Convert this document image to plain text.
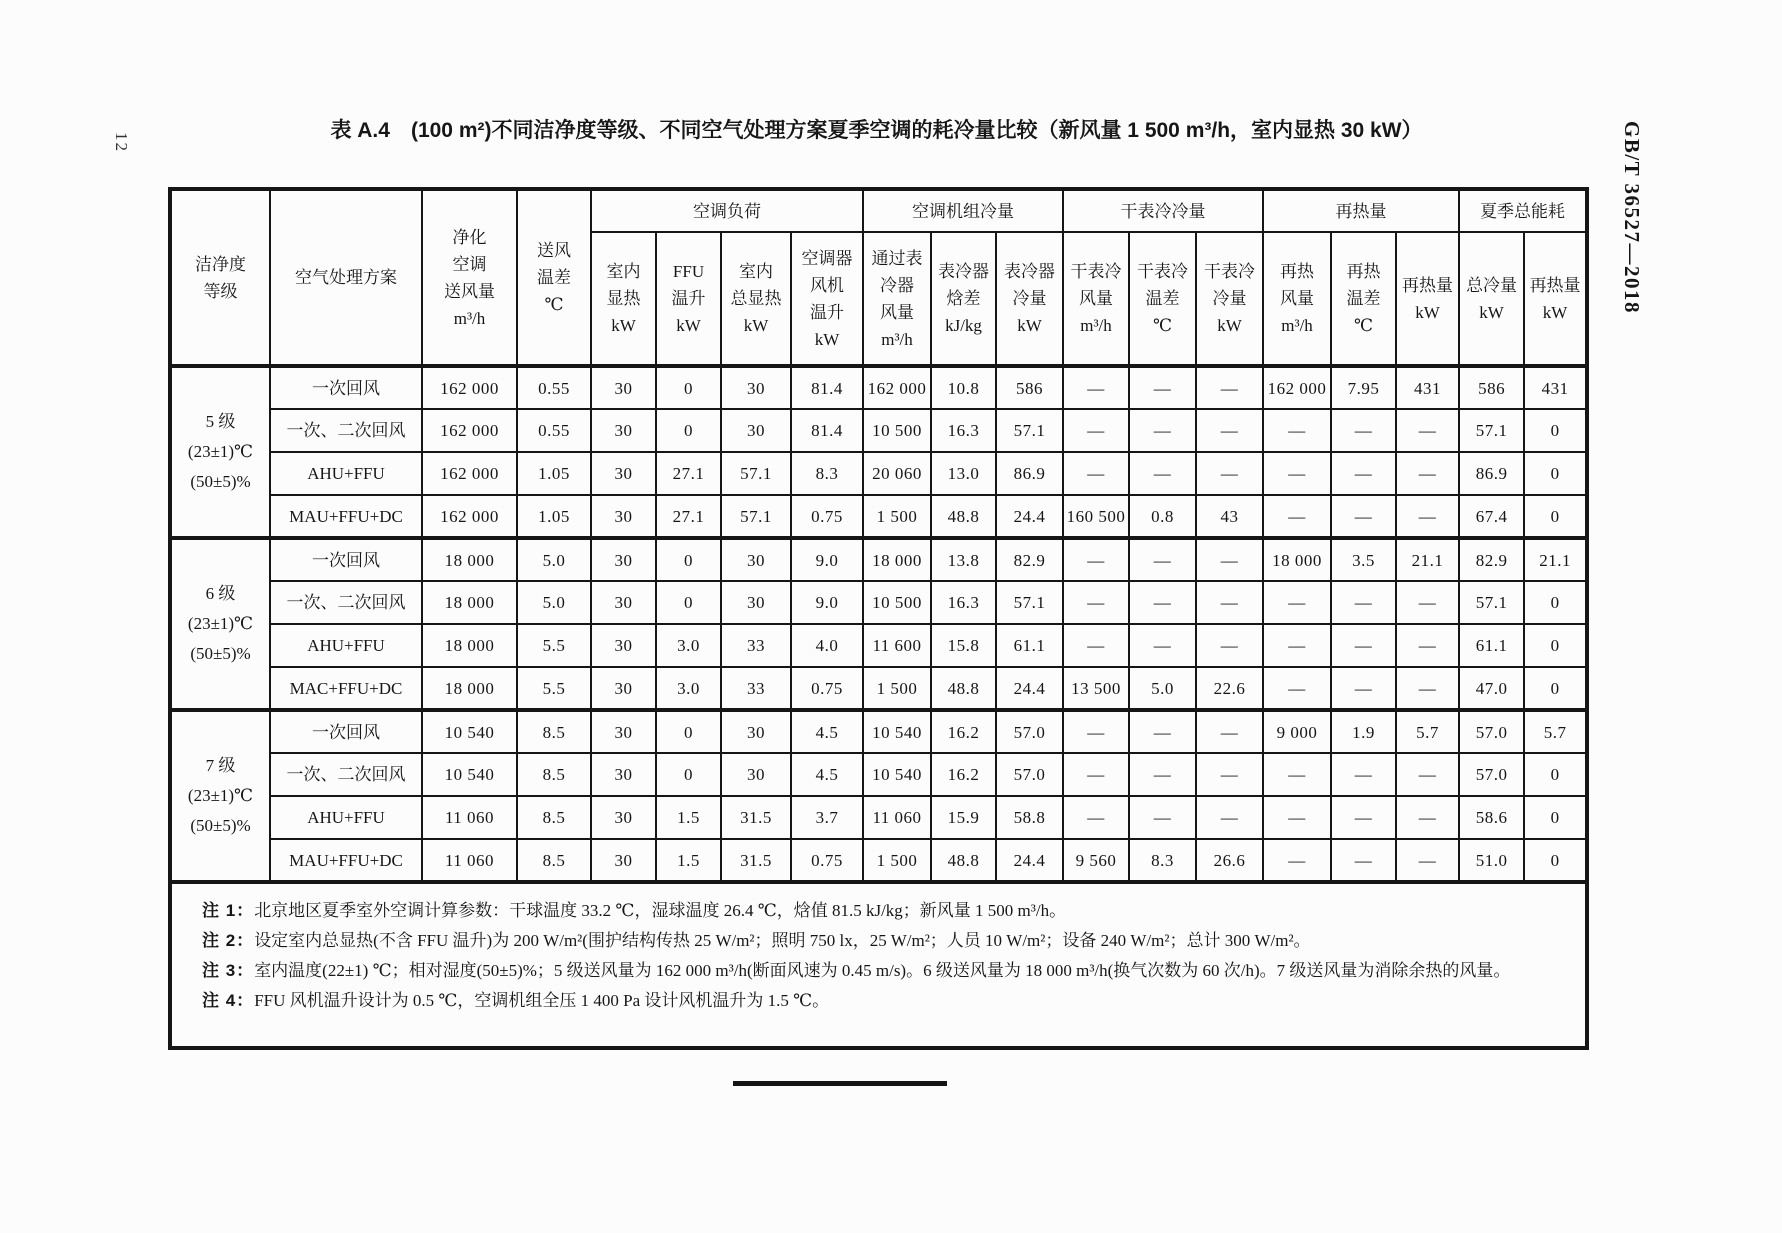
12	GB/T 36527—2018
表 A.4　(100 m²)不同洁净度等级、不同空气处理方案夏季空调的耗冷量比较（新风量 1 500 m³/h，室内显热 30 kW）
洁净度
等级	空气处理方案	净化
空调
送风量
m³/h	送风
温差
℃	空调负荷				空调机组冷量			干表冷冷量			再热量			夏季总能耗	
				室内
显热
kW	FFU
温升
kW	室内
总显热
kW	空调器
风机
温升
kW	通过表
冷器
风量
m³/h	表冷器
焓差
kJ/kg	表冷器
冷量
kW	干表冷
风量
m³/h	干表冷
温差
℃	干表冷
冷量
kW	再热
风量
m³/h	再热
温差
℃	再热量
kW	总冷量
kW	再热量
kW
5 级
(23±1)℃
(50±5)%	一次回风	162 000	0.55	30	0	30	81.4	162 000	10.8	586	—	—	—	162 000	7.95	431	586	431
	一次、二次回风	162 000	0.55	30	0	30	81.4	10 500	16.3	57.1	—	—	—	—	—	—	57.1	0
	AHU+FFU	162 000	1.05	30	27.1	57.1	8.3	20 060	13.0	86.9	—	—	—	—	—	—	86.9	0
	MAU+FFU+DC	162 000	1.05	30	27.1	57.1	0.75	1 500	48.8	24.4	160 500	0.8	43	—	—	—	67.4	0
6 级
(23±1)℃
(50±5)%	一次回风	18 000	5.0	30	0	30	9.0	18 000	13.8	82.9	—	—	—	18 000	3.5	21.1	82.9	21.1
	一次、二次回风	18 000	5.0	30	0	30	9.0	10 500	16.3	57.1	—	—	—	—	—	—	57.1	0
	AHU+FFU	18 000	5.5	30	3.0	33	4.0	11 600	15.8	61.1	—	—	—	—	—	—	61.1	0
	MAC+FFU+DC	18 000	5.5	30	3.0	33	0.75	1 500	48.8	24.4	13 500	5.0	22.6	—	—	—	47.0	0
7 级
(23±1)℃
(50±5)%	一次回风	10 540	8.5	30	0	30	4.5	10 540	16.2	57.0	—	—	—	9 000	1.9	5.7	57.0	5.7
	一次、二次回风	10 540	8.5	30	0	30	4.5	10 540	16.2	57.0	—	—	—	—	—	—	57.0	0
	AHU+FFU	11 060	8.5	30	1.5	31.5	3.7	11 060	15.9	58.8	—	—	—	—	—	—	58.6	0
	MAU+FFU+DC	11 060	8.5	30	1.5	31.5	0.75	1 500	48.8	24.4	9 560	8.3	26.6	—	—	—	51.0	0

注 1：北京地区夏季室外空调计算参数：干球温度 33.2 ℃，湿球温度 26.4 ℃，焓值 81.5 kJ/kg；新风量 1 500 m³/h。

注 2：设定室内总显热(不含 FFU 温升)为 200 W/m²(围护结构传热 25 W/m²；照明 750 lx，25 W/m²；人员 10 W/m²；设备 240 W/m²；总计 300 W/m²。

注 3：室内温度(22±1) ℃；相对湿度(50±5)%；5 级送风量为 162 000 m³/h(断面风速为 0.45 m/s)。6 级送风量为 18 000 m³/h(换气次数为 60 次/h)。7 级送风量为消除余热的风量。

注 4：FFU 风机温升设计为 0.5 ℃，空调机组全压 1 400 Pa 设计风机温升为 1.5 ℃。																		
